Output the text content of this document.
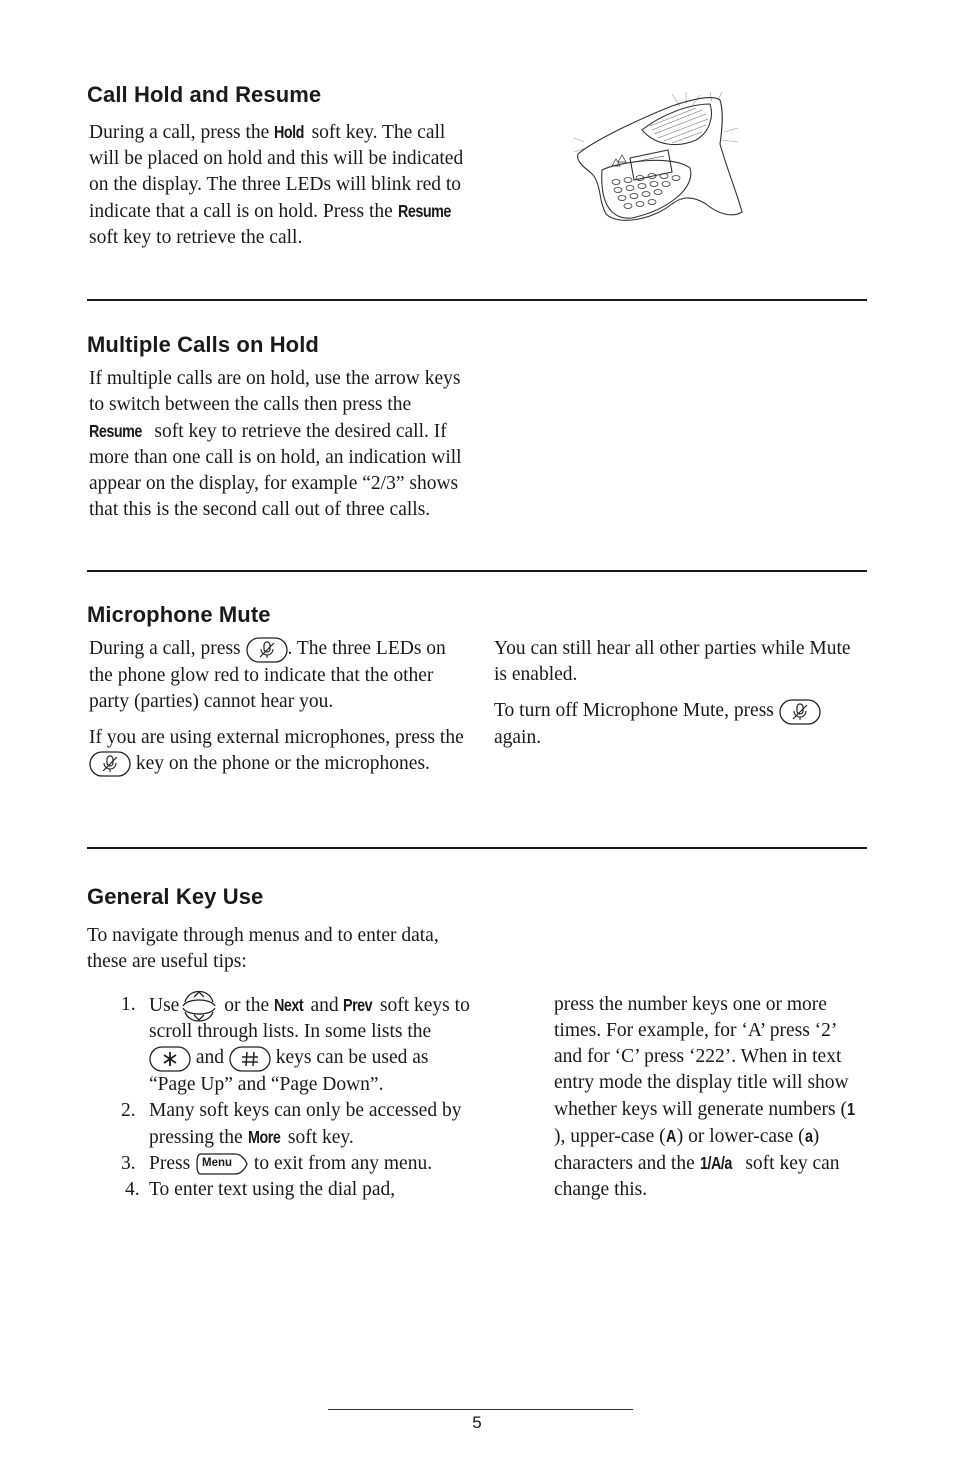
Call Hold and Resume

During a call, press the Hold soft key. The call will be placed on hold and this will be indicated on the display. The three LEDs will blink red to indicate that a call is on hold. Press the Resume soft key to retrieve the call.

Multiple Calls on Hold

If multiple calls are on hold, use the arrow keys to switch between the calls then press the Resume soft key to retrieve the desired call. If more than one call is on hold, an indication will appear on the display, for example “2/3” shows that this is the second call out of three calls.

Microphone Mute

During a call, press . The three LEDs on the phone glow red to indicate that the other party (parties) cannot hear you.

If you are using external microphones, press the  key on the phone or the microphones.

You can still hear all other parties while Mute is enabled.

To turn off Microphone Mute, press  again.

General Key Use
To navigate through menus and to enter data, these are useful tips:
1. Use or the Next and Prev soft keys to scroll through lists. In some lists the  and	keys can be used as “Page Up” and “Page Down”.
2. Many soft keys can only be accessed by pressing the More soft key.
3. Press Menu to exit from any menu.
4. To enter text using the dial pad,

press the number keys one or more times. For example, for ‘A’ press ‘2’ and for ‘C’ press ‘222’. When in text entry mode the display title will show whether keys will generate numbers (1), upper-case (A) or lower-case (a) characters and the 1/A/a soft key can change this.

5
